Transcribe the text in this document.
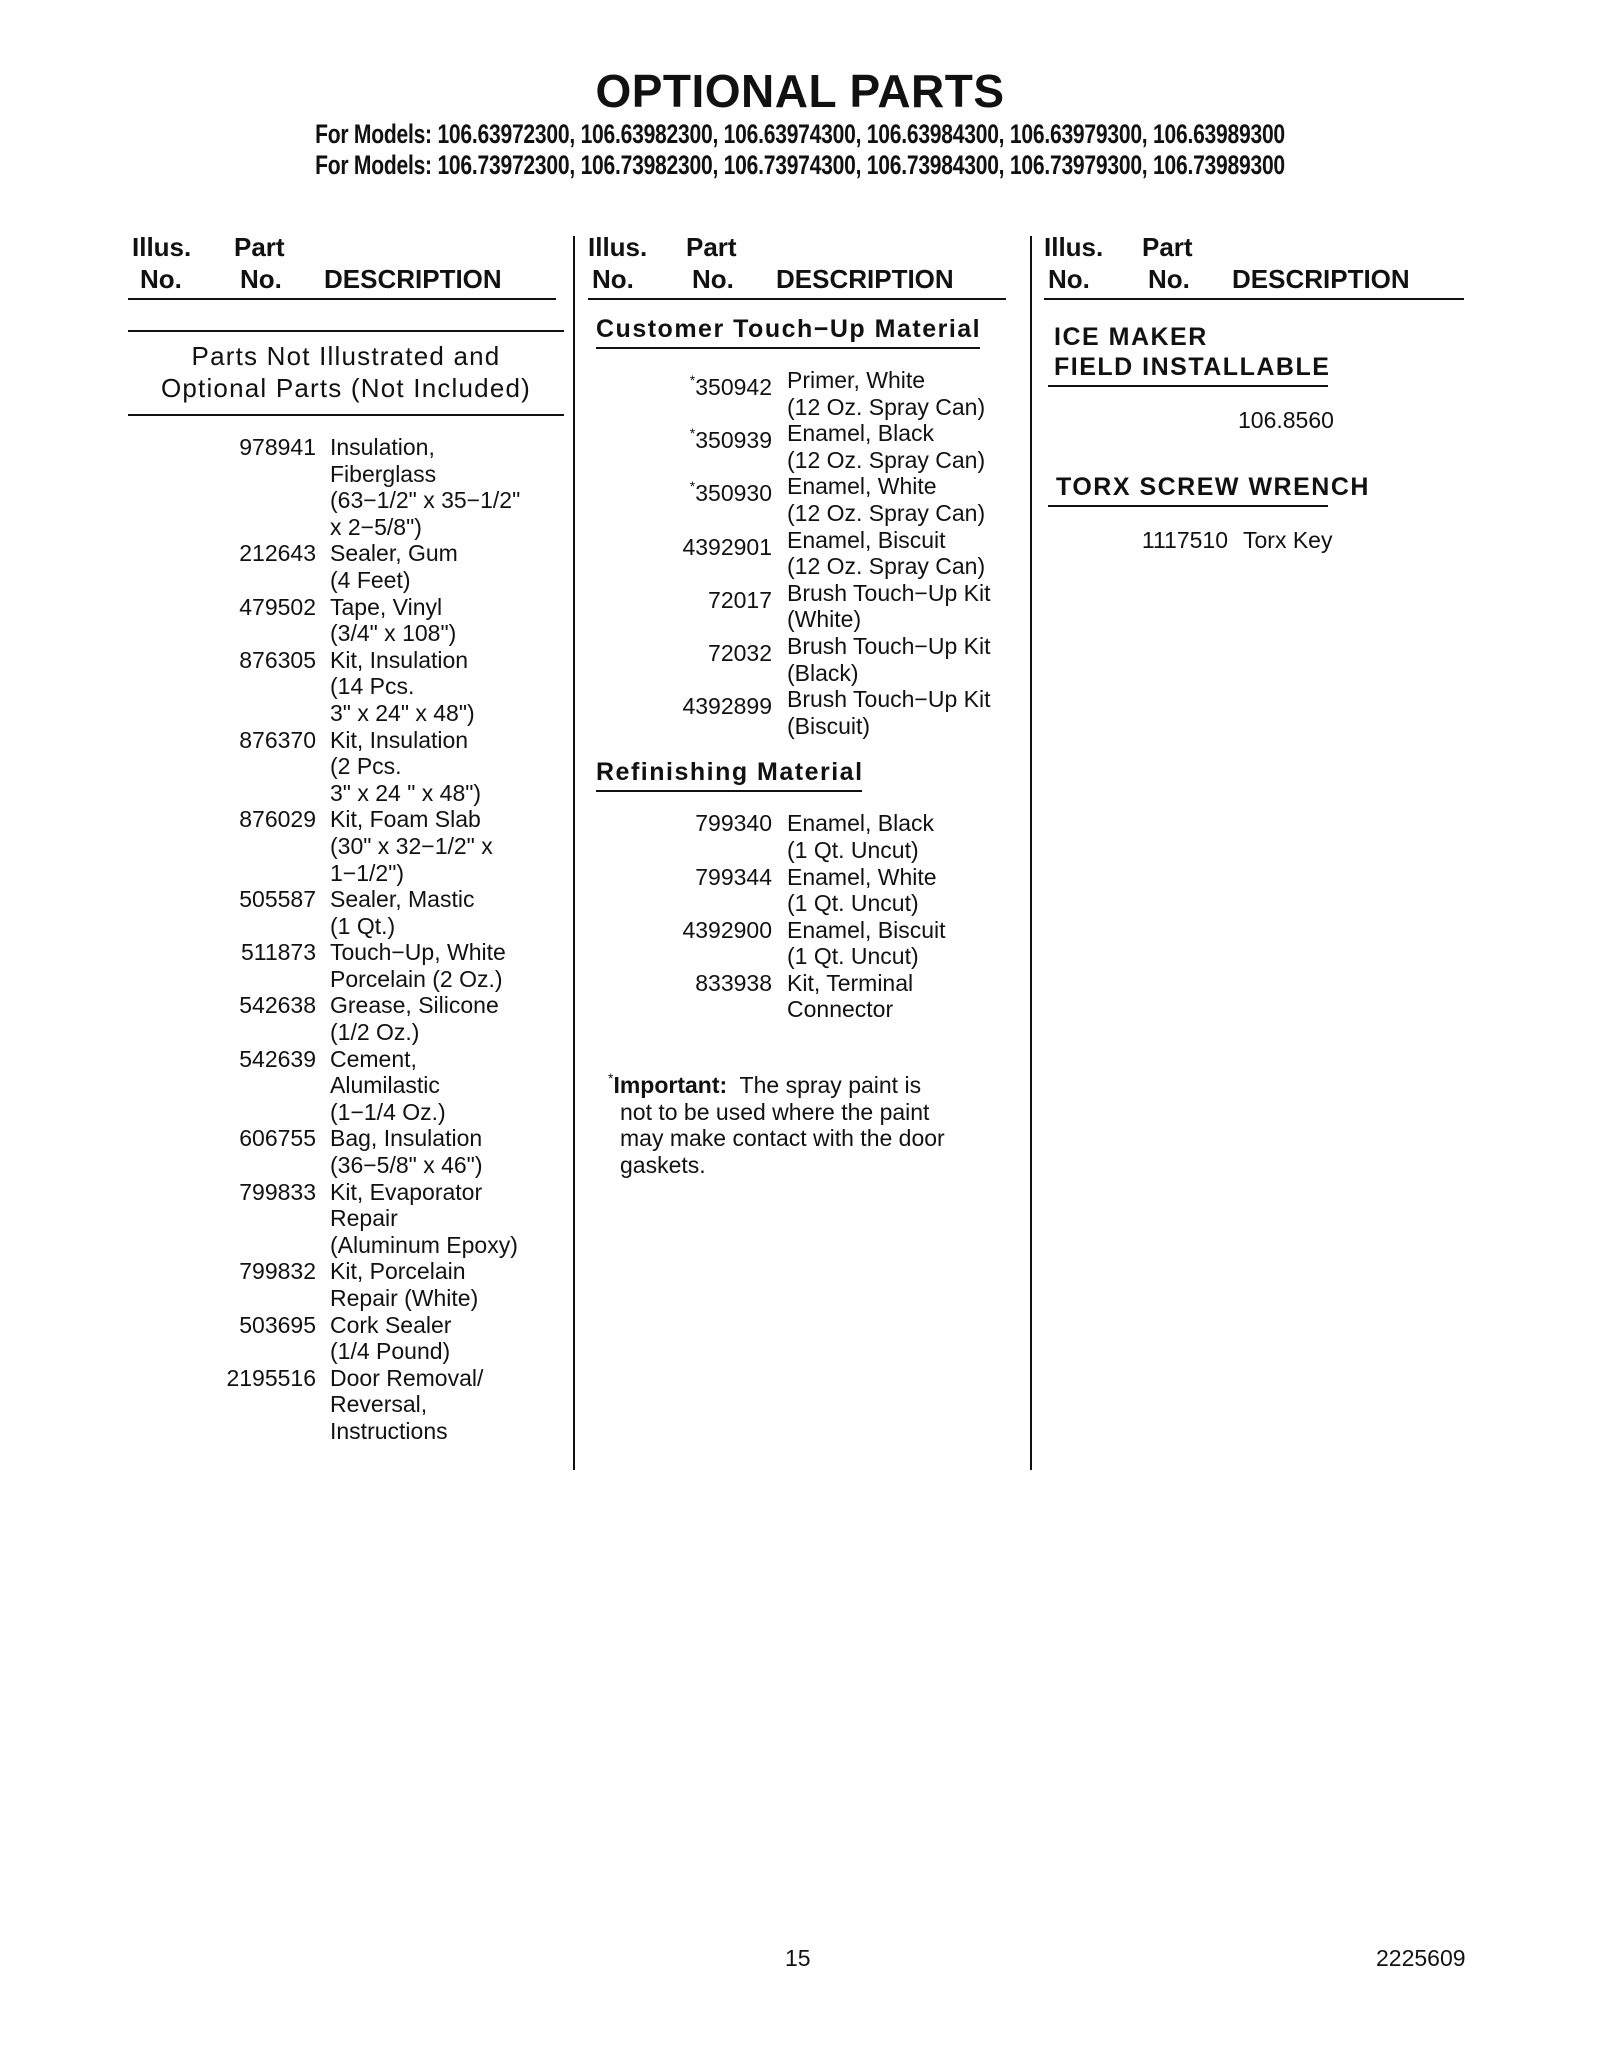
OPTIONAL PARTS
For Models: 106.63972300, 106.63982300, 106.63974300, 106.63984300, 106.63979300, 106.63989300
For Models: 106.73972300, 106.73982300, 106.73974300, 106.73984300, 106.73979300, 106.73989300
Illus.
No.
Part
No. DESCRIPTION
Parts Not Illustrated and
Optional Parts (Not Included)
978941 Insulation,
Fiberglass
(63−1/2" x 35−1/2"
x 2−5/8")
212643 Sealer, Gum
(4 Feet)
479502 Tape, Vinyl
(3/4" x 108")
876305 Kit, Insulation
(14 Pcs.
3" x 24" x 48")
876370 Kit, Insulation
(2 Pcs.
3" x 24 " x 48")
876029 Kit, Foam Slab
(30" x 32−1/2" x
1−1/2")
505587 Sealer, Mastic
(1 Qt.)
511873 Touch−Up, White
Porcelain (2 Oz.)
542638 Grease, Silicone
(1/2 Oz.)
542639 Cement,
Alumilastic
(1−1/4 Oz.)
606755 Bag, Insulation
(36−5/8" x 46")
799833 Kit, Evaporator
Repair
(Aluminum Epoxy)
799832 Kit, Porcelain
Repair (White)
503695 Cork Sealer
(1/4 Pound)
2195516 Door Removal/
Reversal,
Instructions
Illus.
No.
Part
No. DESCRIPTION
Customer Touch−Up Material
*350942 Primer, White
(12 Oz. Spray Can)
*350939 Enamel, Black
(12 Oz. Spray Can)
*350930 Enamel, White
(12 Oz. Spray Can)
4392901 Enamel, Biscuit
(12 Oz. Spray Can)
72017 Brush Touch−Up Kit
(White)
72032 Brush Touch−Up Kit
(Black)
4392899 Brush Touch−Up Kit
(Biscuit)
Refinishing Material
799340 Enamel, Black
(1 Qt. Uncut)
799344 Enamel, White
(1 Qt. Uncut)
4392900 Enamel, Biscuit
(1 Qt. Uncut)
833938 Kit, Terminal
Connector
*Important: The spray paint is
not to be used where the paint
may make contact with the door
gaskets.
Illus.
No.
Part
No. DESCRIPTION
ICE MAKER
FIELD INSTALLABLE
106.8560
TORX SCREW WRENCH
1117510 Torx Key
15	2225609
